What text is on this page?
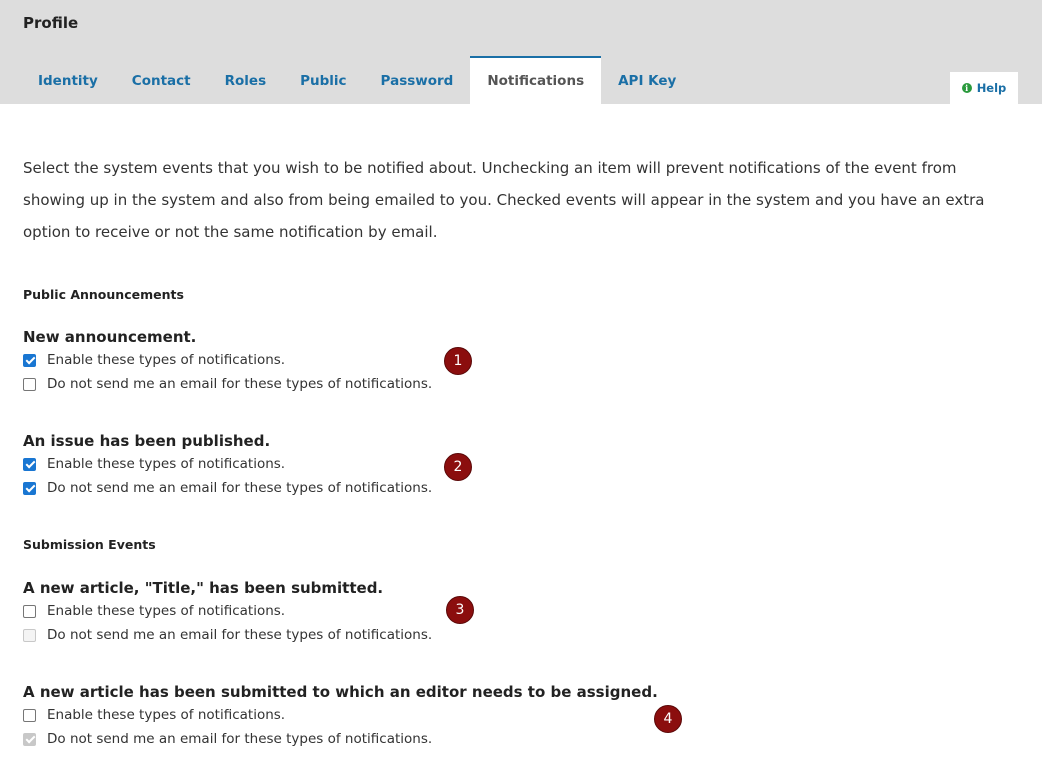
Profile
Identity	Contact	Roles	Public	Password	Notifications	API Key	i Help

Select the system events that you wish to be notified about. Unchecking an item will prevent notifications of the event from showing up in the system and also from being emailed to you. Checked events will appear in the system and you have an extra option to receive or not the same notification by email.

Public Announcements
New announcement.
Enable these types of notifications.
Do not send me an email for these types of notifications.
1
An issue has been published.
Enable these types of notifications.
Do not send me an email for these types of notifications.
2
Submission Events
A new article, "Title," has been submitted.
Enable these types of notifications.
Do not send me an email for these types of notifications.
3
A new article has been submitted to which an editor needs to be assigned.
Enable these types of notifications.
Do not send me an email for these types of notifications.
4
